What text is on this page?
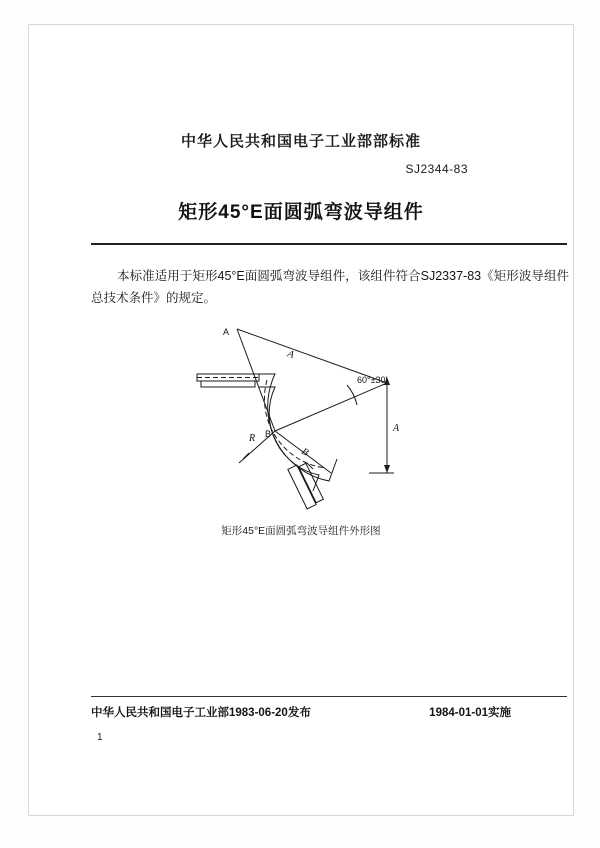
中华人民共和国电子工业部部标准
SJ2344-83
矩形45°E面圆弧弯波导组件
本标准适用于矩形45°E面圆弧弯波导组件，该组件符合SJ2337-83《矩形波导组件总技术条件》的规定。
A
A
B
R
60°±30'
A
B
矩形45°E面圆弧弯波导组件外形图
中华人民共和国电子工业部1983-06-20发布	1984-01-01实施
1
